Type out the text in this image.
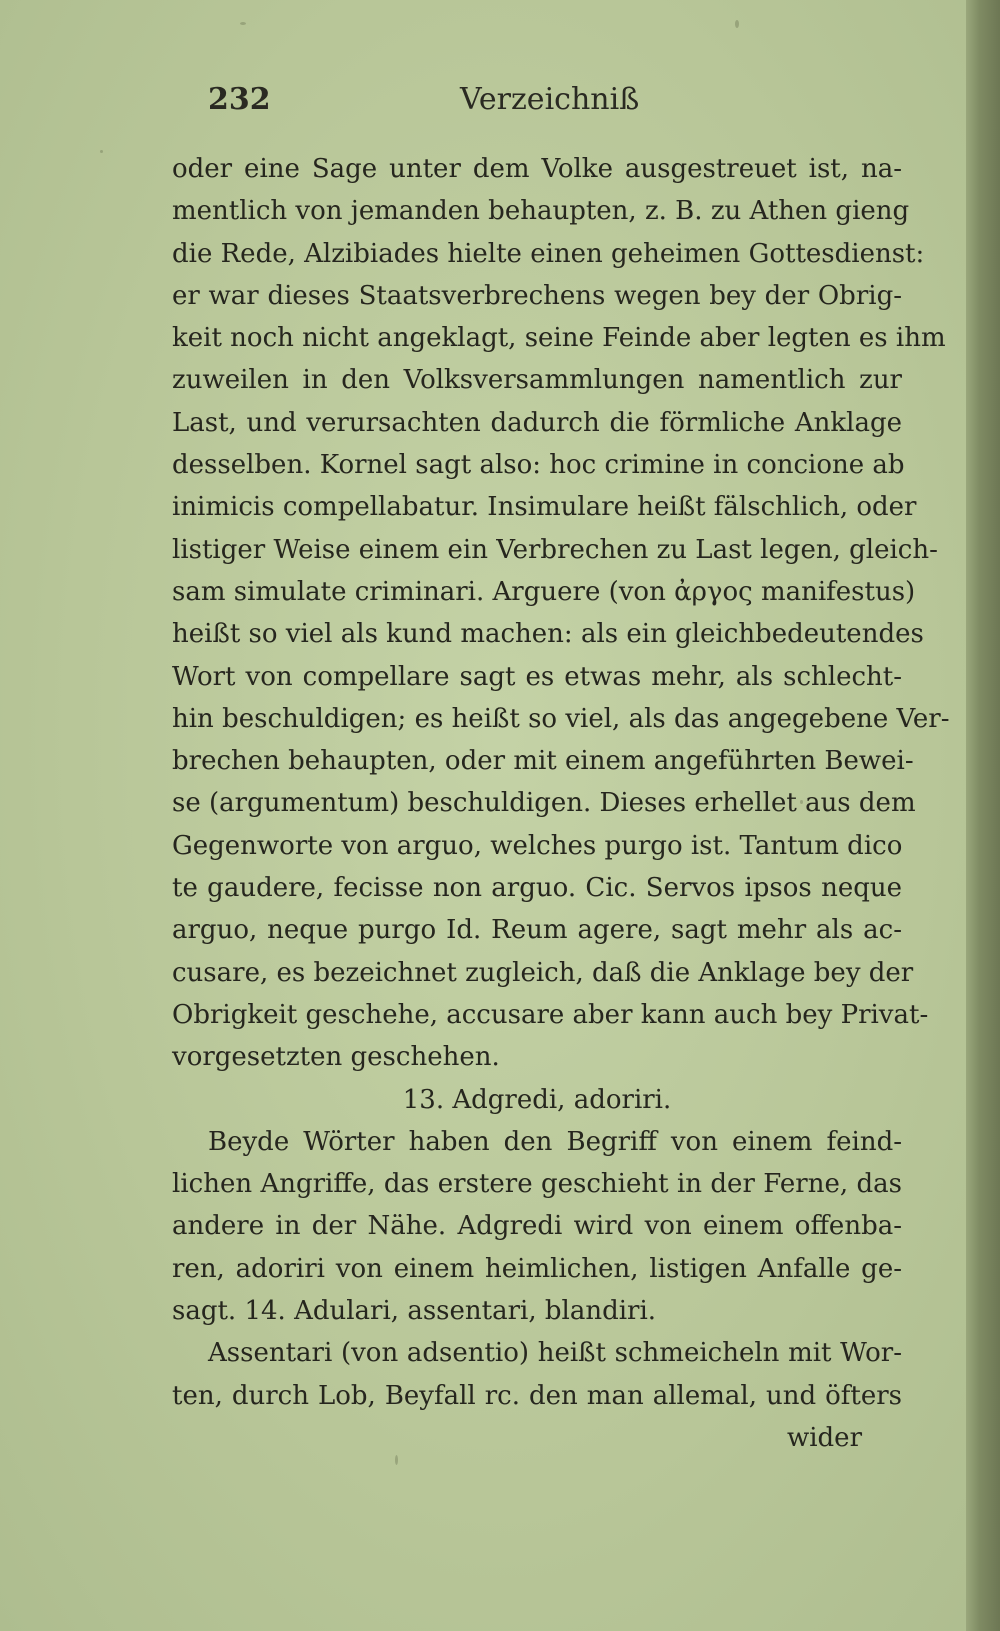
232	Verzeichniß
oder eine Sage unter dem Volke ausgestreuet ist, na-
mentlich von jemanden behaupten, z. B. zu Athen gieng
die Rede, Alzibiades hielte einen geheimen Gottesdienst:
er war dieses Staatsverbrechens wegen bey der Obrig-
keit noch nicht angeklagt, seine Feinde aber legten es ihm
zuweilen in den Volksversammlungen namentlich zur
Last, und verursachten dadurch die förmliche Anklage
desselben. Kornel sagt also: hoc crimine in concione ab
inimicis compellabatur. Insimulare heißt fälschlich, oder
listiger Weise einem ein Verbrechen zu Last legen, gleich-
sam simulate criminari. Arguere (von ἀργος manifestus)
heißt so viel als kund machen: als ein gleichbedeutendes
Wort von compellare sagt es etwas mehr, als schlecht-
hin beschuldigen; es heißt so viel, als das angegebene Ver-
brechen behaupten, oder mit einem angeführten Bewei-
se (argumentum) beschuldigen. Dieses erhellet aus dem
Gegenworte von arguo, welches purgo ist. Tantum dico
te gaudere, fecisse non arguo. Cic. Servos ipsos neque
arguo, neque purgo Id. Reum agere, sagt mehr als ac-
cusare, es bezeichnet zugleich, daß die Anklage bey der
Obrigkeit geschehe, accusare aber kann auch bey Privat-
vorgesetzten geschehen.
13. Adgredi, adoriri.
Beyde Wörter haben den Begriff von einem feind-
lichen Angriffe, das erstere geschieht in der Ferne, das
andere in der Nähe. Adgredi wird von einem offenba-
ren, adoriri von einem heimlichen, listigen Anfalle ge-
sagt. 14. Adulari, assentari, blandiri.
Assentari (von adsentio) heißt schmeicheln mit Wor-
ten, durch Lob, Beyfall rc. den man allemal, und öfters
wider
